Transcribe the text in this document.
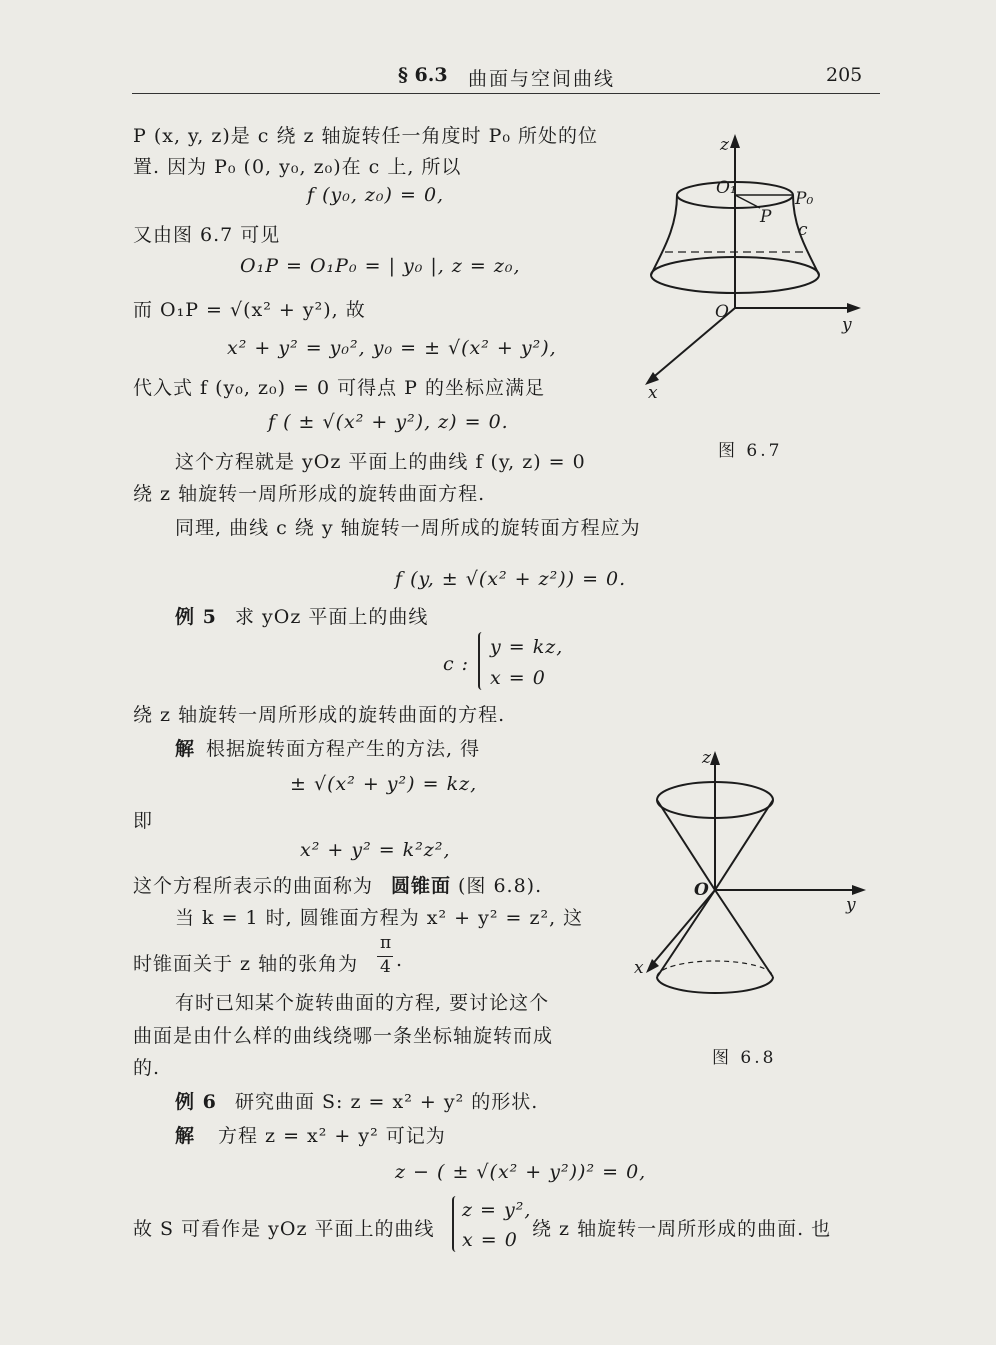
§ 6.3 曲面与空间曲线	205
P (x, y, z)是 c 绕 z 轴旋转任一角度时 P₀ 所处的位
置. 因为 P₀ (0, y₀, z₀)在 c 上, 所以
f (y₀, z₀) = 0,
又由图 6.7 可见
O₁P = O₁P₀ = | y₀ |, z = z₀,
而 O₁P = √(x² + y²), 故
x² + y² = y₀², y₀ = ± √(x² + y²),
代入式 f (y₀, z₀) = 0 可得点 P 的坐标应满足
f ( ± √(x² + y²), z) = 0.
这个方程就是 yOz 平面上的曲线 f (y, z) = 0
绕 z 轴旋转一周所形成的旋转曲面方程.
同理, 曲线 c 绕 y 轴旋转一周所成的旋转面方程应为
f (y, ± √(x² + z²)) = 0.
例 5 求 yOz 平面上的曲线
c :
y = kz,
x = 0
绕 z 轴旋转一周所形成的旋转曲面的方程.
解 根据旋转面方程产生的方法, 得
± √(x² + y²) = kz,
即
x² + y² = k²z²,
这个方程所表示的曲面称为 圆锥面 (图 6.8).
当 k = 1 时, 圆锥面方程为 x² + y² = z², 这
时锥面关于 z 轴的张角为
π
4 .
有时已知某个旋转曲面的方程, 要讨论这个
曲面是由什么样的曲线绕哪一条坐标轴旋转而成
的.
例 6 研究曲面 S: z = x² + y² 的形状.
解 方程 z = x² + y² 可记为
z − ( ± √(x² + y²))² = 0,
故 S 可看作是 yOz 平面上的曲线
z = y²,
x = 0 绕 z 轴旋转一周所形成的曲面. 也
z
y
x
O
O₁
P₀
P
c
图 6.7
z
y
x
O
图 6.8
